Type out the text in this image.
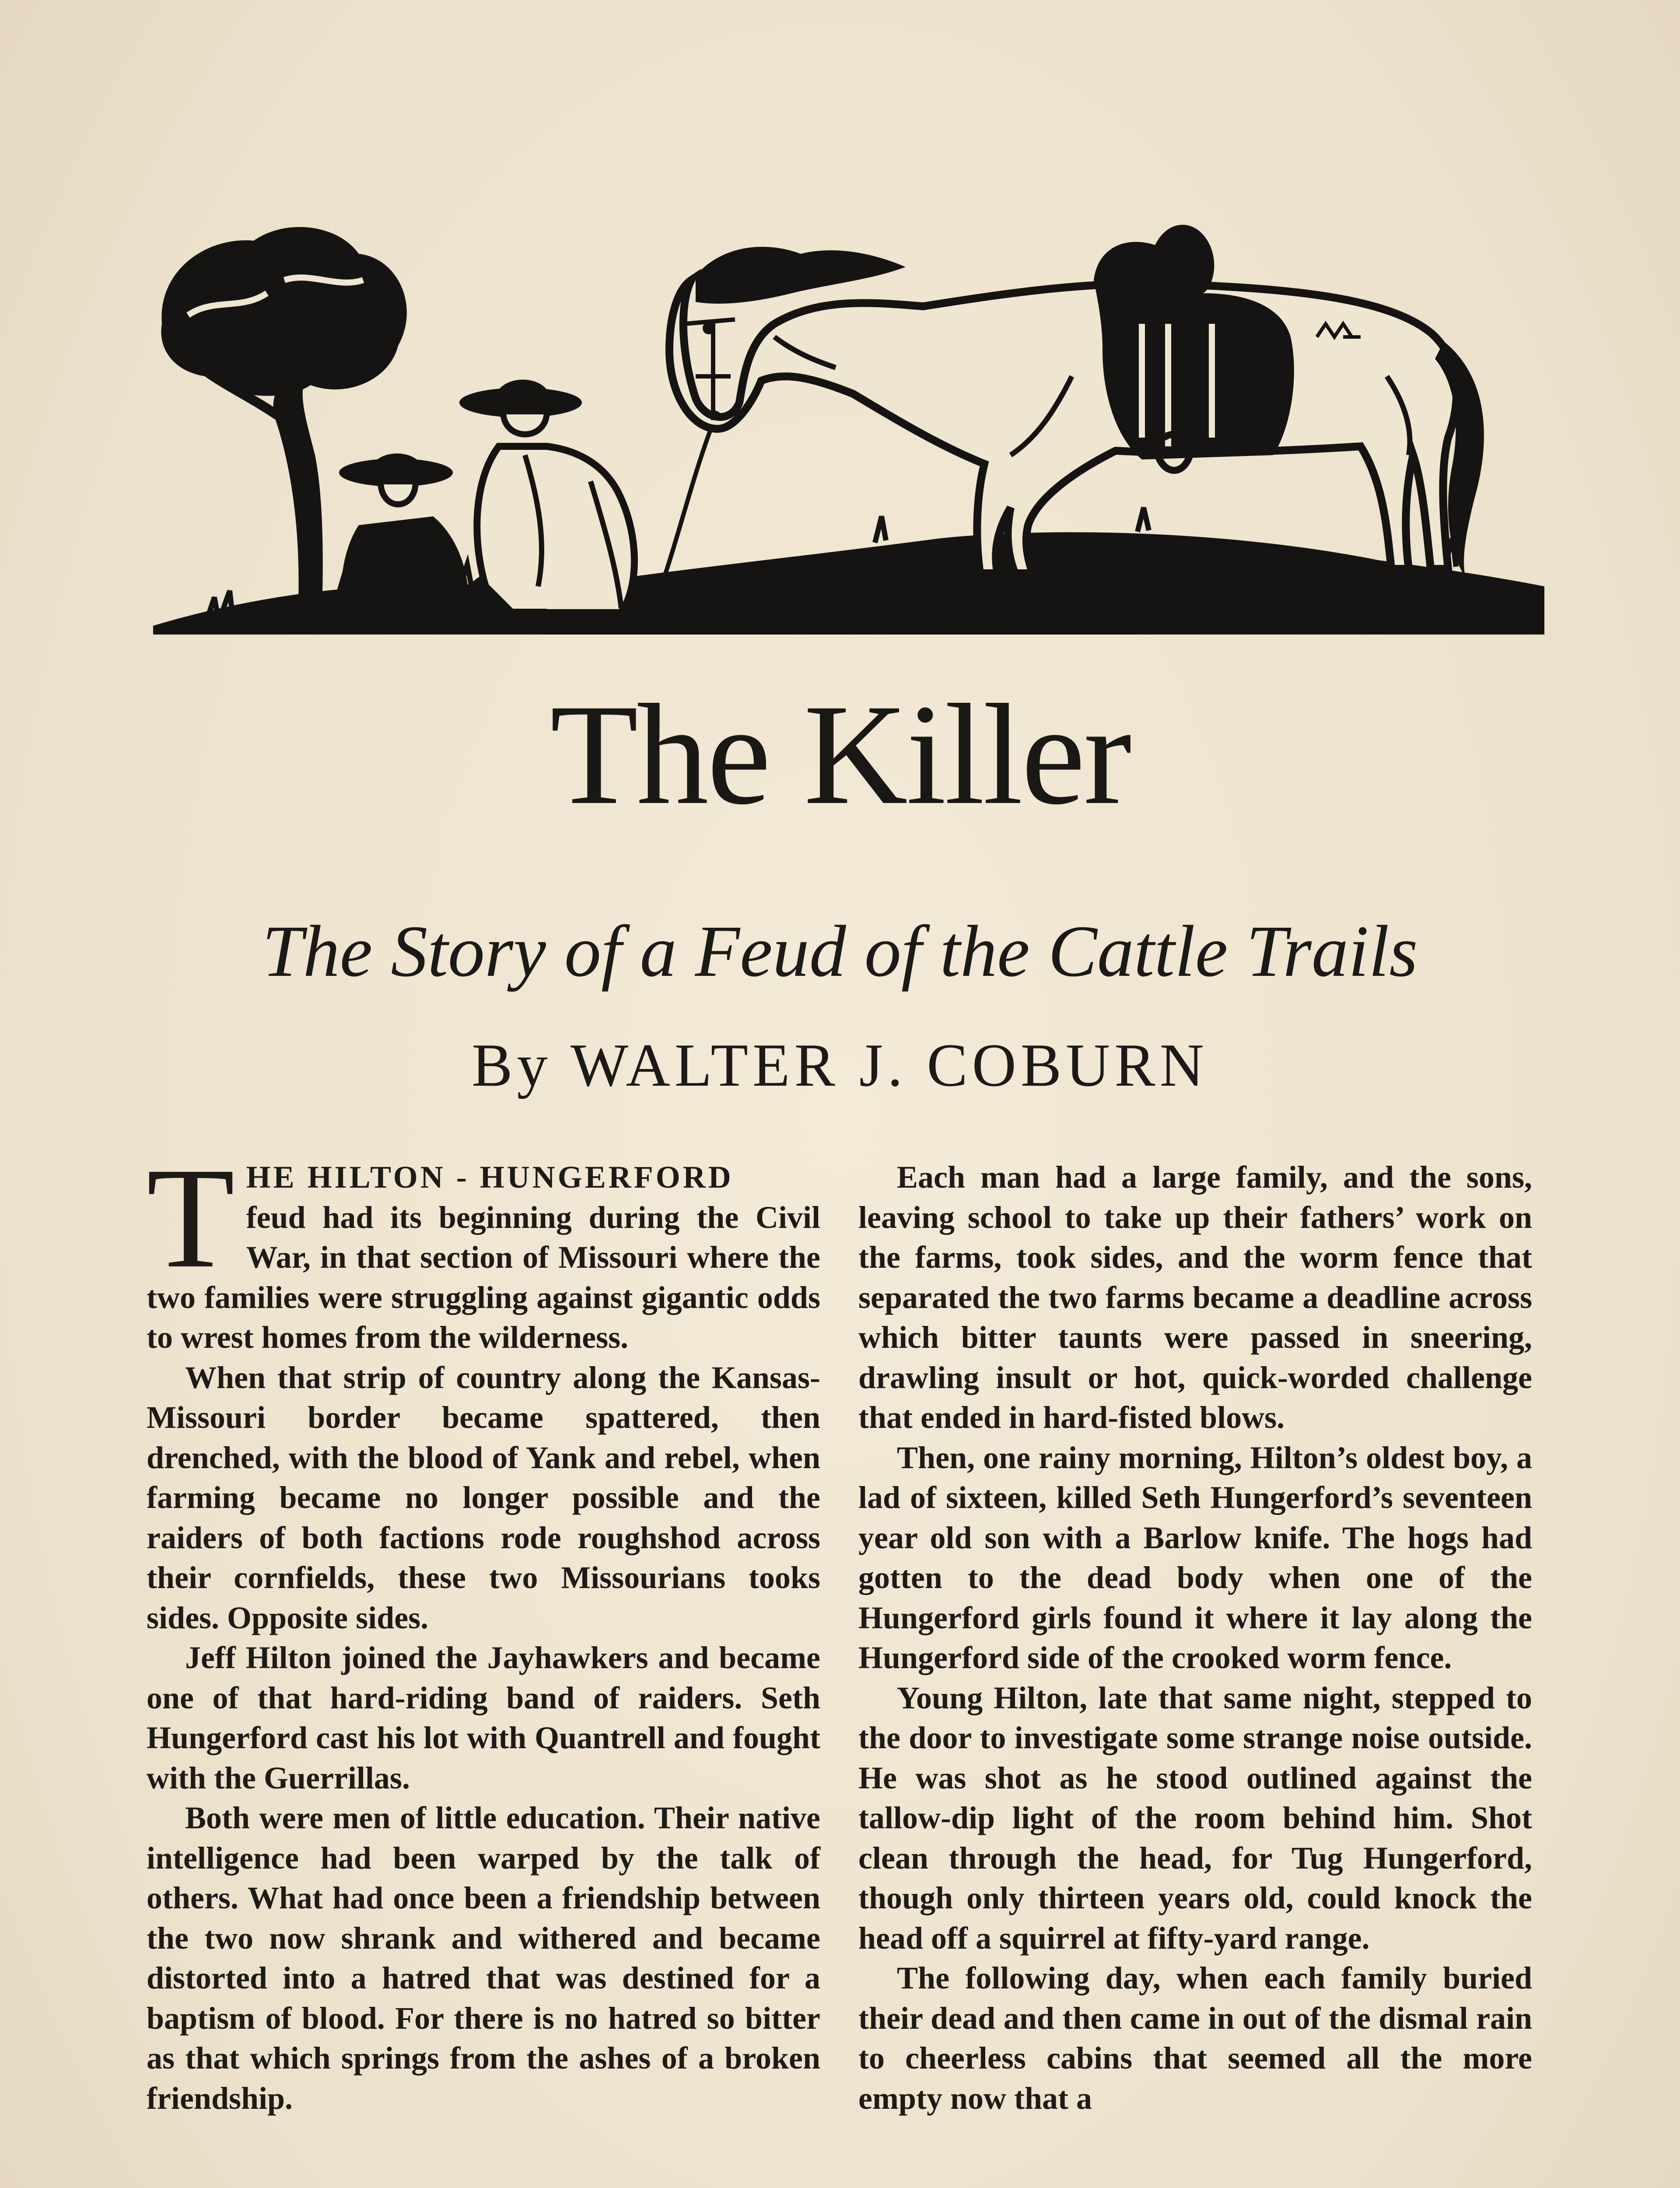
The Killer
The Story of a Feud of the Cattle Trails
By WALTER J. COBURN

THE HILTON - HUNGERFORD
feud had its beginning during the Civil War, in that section of Missouri where the two families were struggling against gigantic odds to wrest homes from the wilderness.

When that strip of country along the Kansas-Missouri border became spattered, then drenched, with the blood of Yank and rebel, when farming became no longer possible and the raiders of both factions rode roughshod across their cornfields, these two Missourians tooks sides. Opposite sides.

Jeff Hilton joined the Jayhawkers and became one of that hard-riding band of raiders. Seth Hungerford cast his lot with Quantrell and fought with the Guerrillas.

Both were men of little education. Their native intelligence had been warped by the talk of others. What had once been a friendship between the two now shrank and withered and became distorted into a hatred that was destined for a baptism of blood. For there is no hatred so bitter as that which springs from the ashes of a broken friendship.

Each man had a large family, and the sons, leaving school to take up their fathers’ work on the farms, took sides, and the worm fence that separated the two farms became a deadline across which bitter taunts were passed in sneering, drawling insult or hot, quick-worded challenge that ended in hard-fisted blows.

Then, one rainy morning, Hilton’s oldest boy, a lad of sixteen, killed Seth Hungerford’s seventeen year old son with a Barlow knife. The hogs had gotten to the dead body when one of the Hungerford girls found it where it lay along the Hungerford side of the crooked worm fence.

Young Hilton, late that same night, stepped to the door to investigate some strange noise outside. He was shot as he stood outlined against the tallow-dip light of the room behind him. Shot clean through the head, for Tug Hungerford, though only thirteen years old, could knock the head off a squirrel at fifty-yard range.

The following day, when each family buried their dead and then came in out of the dismal rain to cheerless cabins that seemed all the more empty now that a
